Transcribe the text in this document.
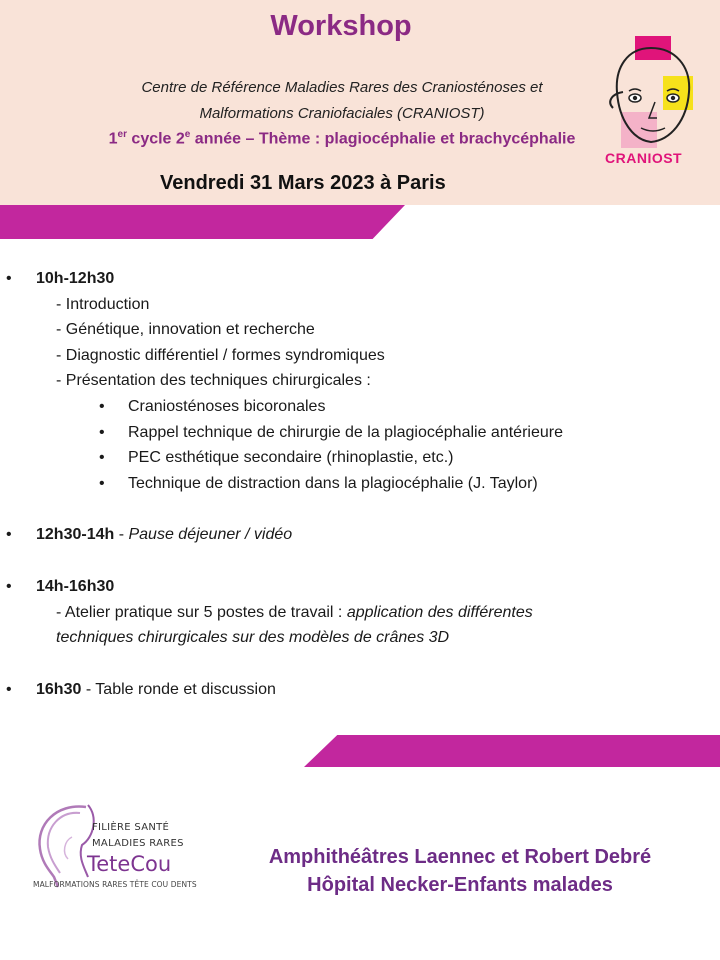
Workshop
Centre de Référence Maladies Rares des Craniosténoses et
Malformations Craniofaciales (CRANIOST)
1er cycle 2e année – Thème : plagiocéphalie et brachycéphalie
Vendredi 31 Mars 2023 à Paris
CRANIOST
• 10h-12h30
- Introduction
- Génétique, innovation et recherche
- Diagnostic différentiel / formes syndromiques
- Présentation des techniques chirurgicales :
• Craniosténoses bicoronales
• Rappel technique de chirurgie de la plagiocéphalie antérieure
• PEC esthétique secondaire (rhinoplastie, etc.)
• Technique de distraction dans la plagiocéphalie (J. Taylor)
• 12h30-14h - Pause déjeuner / vidéo
• 14h-16h30
- Atelier pratique sur 5 postes de travail : application des différentes
techniques chirurgicales sur des modèles de crânes 3D
• 16h30 - Table ronde et discussion
FILIÈRE SANTÉ
MALADIES RARES
TeteCou
MALFORMATIONS RARES TÊTE COU DENTS
Amphithéâtres Laennec et Robert Debré
Hôpital Necker-Enfants malades
